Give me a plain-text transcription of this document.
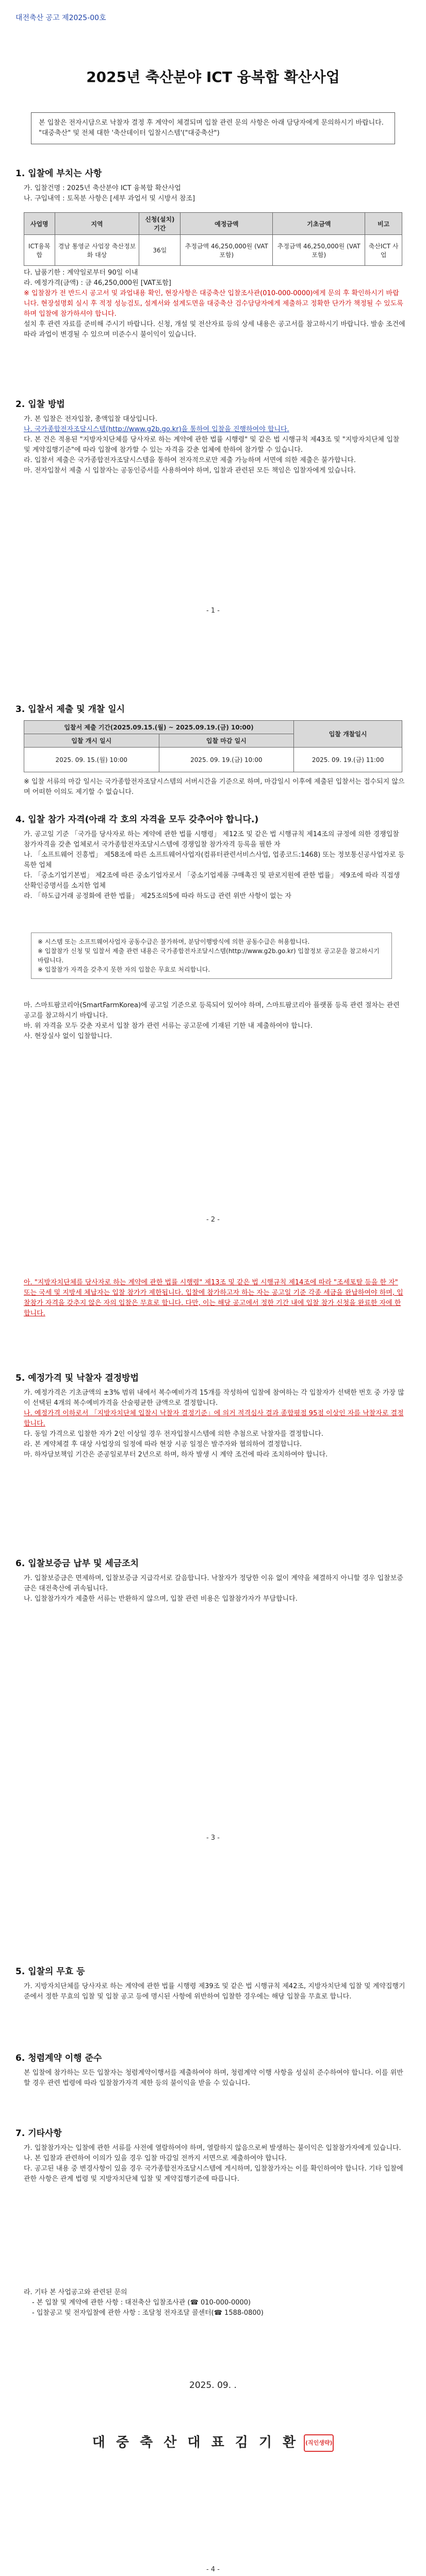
대전축산 공고 제2025-00호
2025년 축산분야 ICT 융복합 확산사업
본 입찰은 전자시담으로 낙찰자 결정 후 계약이 체결되며 입찰 관련 문의 사항은 아래 담당자에게 문의하시기 바랍니다.
"대중축산" 및 전체 대한 '축산데이터 입찰시스템'("대중축산")
1. 입찰에 부치는 사항
가. 입찰건명 : 2025년 축산분야 ICT 융복합 확산사업
나. 구입내역 : 토목분 사항은 [세부 과업서 및 시방서 참조]
사업명	지역	신청(설치)기간	예정금액	기초금액	비고
ICT융복합	경남 통영군 사업장 축산정보화 대상	36일	추정금액 46,250,000원 (VAT 포함)	추정금액 46,250,000원 (VAT 포함)	축산ICT 사업
다. 납품기한 : 계약일로부터 90일 이내
라. 예정가격(금액) : 금 46,250,000원 [VAT포함]
※ 입찰참가 전 반드시 공고서 및 과업내용 확인, 현장사항은 대중축산 입찰조사관(010-000-0000)에게 문의 후 확인하시기 바랍니다. 현장설명회 실시 후 적정 성능검토, 설계서와 설계도면을 대중축산 검수담당자에게 제출하고 정확한 단가가 책정될 수 있도록 하며 입찰에 참가하셔야 합니다.
설치 후 관련 자료를 준비해 주시기 바랍니다. 신청, 개설 및 전산자료 등의 상세 내용은 공고서를 참고하시기 바랍니다. 발송 조건에 따라 과업이 변경될 수 있으며 미준수시 불이익이 있습니다.
2. 입찰 방법
가. 본 입찰은 전자입찰, 총액입찰 대상입니다.
나. 국가종합전자조달시스템(http://www.g2b.go.kr)을 통하여 입찰을 진행하여야 합니다.
다. 본 건은 적용된 "지방자치단체를 당사자로 하는 계약에 관한 법률 시행령" 및 같은 법 시행규칙 제43조 및 "지방자치단체 입찰 및 계약집행기준"에 따라 입찰에 참가할 수 있는 자격을 갖춘 업체에 한하여 참가할 수 있습니다.
라. 입찰서 제출은 국가종합전자조달시스템을 통하여 전자적으로만 제출 가능하며 서면에 의한 제출은 불가합니다.
마. 전자입찰서 제출 시 입찰자는 공동인증서를 사용하여야 하며, 입찰과 관련된 모든 책임은 입찰자에게 있습니다.
- 1 -
3. 입찰서 제출 및 개찰 일시
입찰서 제출 기간(2025.09.15.(월) ~ 2025.09.19.(금) 10:00)		입찰 개찰일시
입찰 개시 일시	입찰 마감 일시	
2025. 09. 15.(월) 10:00	2025. 09. 19.(금) 10:00	2025. 09. 19.(금) 11:00
※ 입찰 서류의 마감 일시는 국가종합전자조달시스템의 서버시간을 기준으로 하며, 마감일시 이후에 제출된 입찰서는 접수되지 않으며 어떠한 이의도 제기할 수 없습니다.
4. 입찰 참가 자격(아래 각 호의 자격을 모두 갖추어야 합니다.)
가. 공고일 기준 「국가를 당사자로 하는 계약에 관한 법률 시행령」 제12조 및 같은 법 시행규칙 제14조의 규정에 의한 경쟁입찰참가자격을 갖춘 업체로서 국가종합전자조달시스템에 경쟁입찰 참가자격 등록을 필한 자
나. 「소프트웨어 진흥법」 제58조에 따른 소프트웨어사업자(컴퓨터관련서비스사업, 업종코드:1468) 또는 정보통신공사업자로 등록한 업체
다. 「중소기업기본법」 제2조에 따른 중소기업자로서 「중소기업제품 구매촉진 및 판로지원에 관한 법률」 제9조에 따라 직접생산확인증명서를 소지한 업체
라. 「하도급거래 공정화에 관한 법률」 제25조의5에 따라 하도급 관련 위반 사항이 없는 자
※ 시스템 또는 소프트웨어사업자 공동수급은 불가하며, 분담이행방식에 의한 공동수급은 허용합니다.
※ 입찰참가 신청 및 입찰서 제출 관련 내용은 국가종합전자조달시스템(http://www.g2b.go.kr) 입찰정보 공고문을 참고하시기 바랍니다.
※ 입찰참가 자격을 갖추지 못한 자의 입찰은 무효로 처리합니다.
마. 스마트팜코리아(SmartFarmKorea)에 공고일 기준으로 등록되어 있어야 하며, 스마트팜코리아 플랫폼 등록 관련 절차는 관련 공고를 참고하시기 바랍니다.
바. 위 자격을 모두 갖춘 자로서 입찰 참가 관련 서류는 공고문에 기재된 기한 내 제출하여야 합니다.
사. 현장실사 없이 입찰합니다.
- 2 -
아. "지방자치단체를 당사자로 하는 계약에 관한 법률 시행령" 제13조 및 같은 법 시행규칙 제14조에 따라 "조세포탈 등을 한 자" 또는 국세 및 지방세 체납자는 입찰 참가가 제한됩니다. 입찰에 참가하고자 하는 자는 공고일 기준 각종 세금을 완납하여야 하며, 입찰참가 자격을 갖추지 않은 자의 입찰은 무효로 합니다. 다만, 이는 해당 공고에서 정한 기간 내에 입찰 참가 신청을 완료한 자에 한합니다.
5. 예정가격 및 낙찰자 결정방법
가. 예정가격은 기초금액의 ±3% 범위 내에서 복수예비가격 15개를 작성하여 입찰에 참여하는 각 입찰자가 선택한 번호 중 가장 많이 선택된 4개의 복수예비가격을 산술평균한 금액으로 결정합니다.
나. 예정가격 이하로서 「지방자치단체 입찰시 낙찰자 결정기준」에 의거 적격심사 결과 종합평점 95점 이상인 자를 낙찰자로 결정합니다.
다. 동일 가격으로 입찰한 자가 2인 이상일 경우 전자입찰시스템에 의한 추첨으로 낙찰자를 결정합니다.
라. 본 계약체결 후 대상 사업장의 일정에 따라 현장 시공 일정은 발주자와 협의하여 결정합니다.
마. 하자담보책임 기간은 준공일로부터 2년으로 하며, 하자 발생 시 계약 조건에 따라 조치하여야 합니다.
6. 입찰보증금 납부 및 세금조치
가. 입찰보증금은 면제하며, 입찰보증금 지급각서로 갈음합니다. 낙찰자가 정당한 이유 없이 계약을 체결하지 아니할 경우 입찰보증금은 대전축산에 귀속됩니다.
나. 입찰참가자가 제출한 서류는 반환하지 않으며, 입찰 관련 비용은 입찰참가자가 부담합니다.
- 3 -
5. 입찰의 무효 등
가. 지방자치단체를 당사자로 하는 계약에 관한 법률 시행령 제39조 및 같은 법 시행규칙 제42조, 지방자치단체 입찰 및 계약집행기준에서 정한 무효의 입찰 및 입찰 공고 등에 명시된 사항에 위반하여 입찰한 경우에는 해당 입찰을 무효로 합니다.
6. 청렴계약 이행 준수
본 입찰에 참가하는 모든 입찰자는 청렴계약이행서를 제출하여야 하며, 청렴계약 이행 사항을 성실히 준수하여야 합니다. 이를 위반할 경우 관련 법령에 따라 입찰참가자격 제한 등의 불이익을 받을 수 있습니다.
7. 기타사항
가. 입찰참가자는 입찰에 관한 서류를 사전에 열람하여야 하며, 열람하지 않음으로써 발생하는 불이익은 입찰참가자에게 있습니다.
나. 본 입찰과 관련하여 이의가 있을 경우 입찰 마감일 전까지 서면으로 제출하여야 합니다.
다. 공고된 내용 중 변경사항이 있을 경우 국가종합전자조달시스템에 게시하며, 입찰참가자는 이를 확인하여야 합니다. 기타 입찰에 관한 사항은 관계 법령 및 지방자치단체 입찰 및 계약집행기준에 따릅니다.
라. 기타 본 사업공고와 관련된 문의
- 본 입찰 및 계약에 관한 사항 : 대전축산 입찰조사관 (☎ 010-000-0000)
- 입찰공고 및 전자입찰에 관한 사항 : 조달청 전자조달 콜센터(☎ 1588-0800)
2025. 09. .
대 중 축 산 대 표 김 기 환 (직인생략)
- 4 -
